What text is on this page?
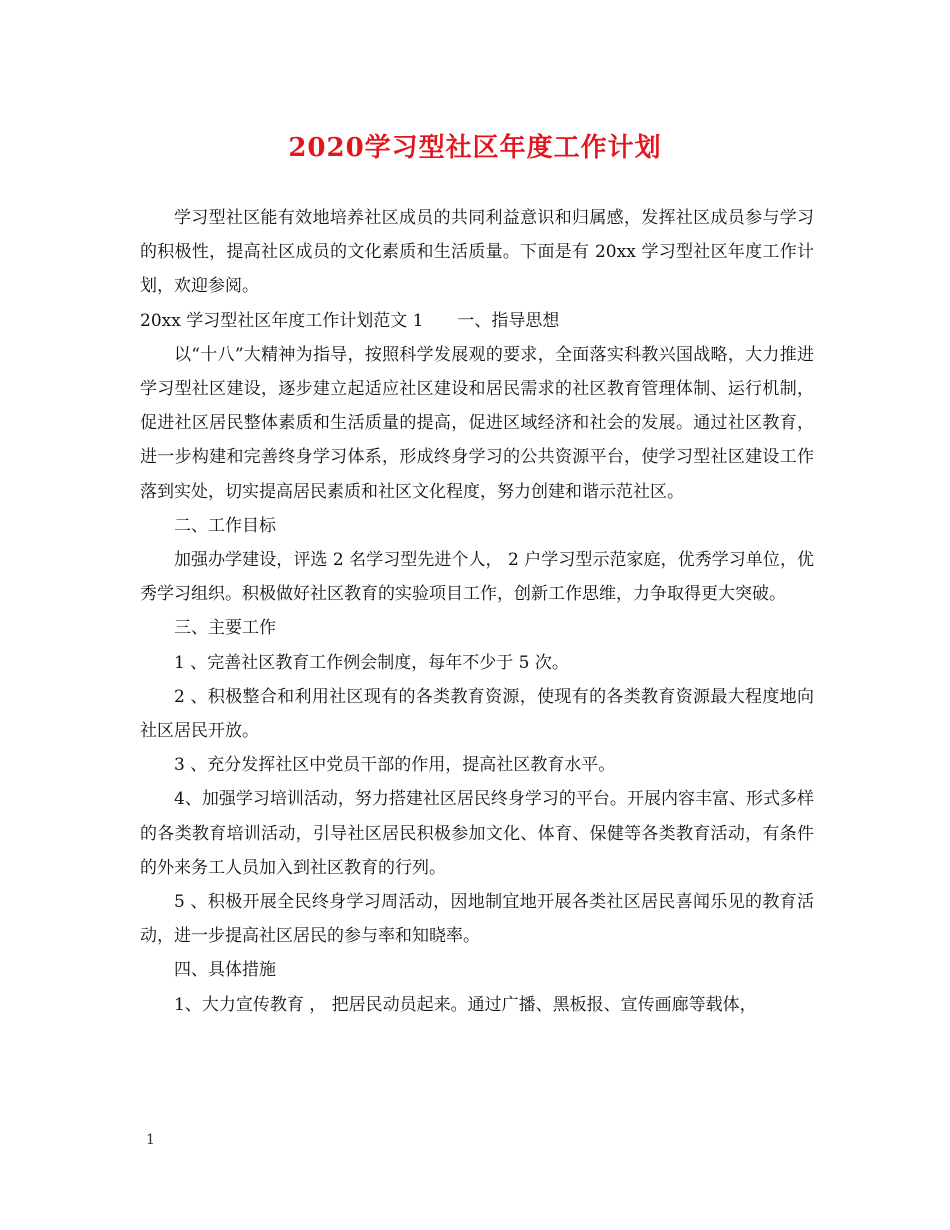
2020学习型社区年度工作计划

学习型社区能有效地培养社区成员的共同利益意识和归属感，发挥社区成员参与学习的积极性，提高社区成员的文化素质和生活质量。下面是有 20xx 学习型社区年度工作计划，欢迎参阅。

20xx 学习型社区年度工作计划范文 1　　一、指导思想

以“十八”大精神为指导，按照科学发展观的要求，全面落实科教兴国战略，大力推进学习型社区建设，逐步建立起适应社区建设和居民需求的社区教育管理体制、运行机制，促进社区居民整体素质和生活质量的提高，促进区域经济和社会的发展。通过社区教育，进一步构建和完善终身学习体系，形成终身学习的公共资源平台，使学习型社区建设工作落到实处，切实提高居民素质和社区文化程度，努力创建和谐示范社区。

二、工作目标

加强办学建设，评选 2 名学习型先进个人， 2 户学习型示范家庭，优秀学习单位，优秀学习组织。积极做好社区教育的实验项目工作，创新工作思维，力争取得更大突破。

三、主要工作

1 、完善社区教育工作例会制度，每年不少于 5 次。

2 、积极整合和利用社区现有的各类教育资源，使现有的各类教育资源最大程度地向社区居民开放。

3 、充分发挥社区中党员干部的作用，提高社区教育水平。

4、加强学习培训活动，努力搭建社区居民终身学习的平台。开展内容丰富、形式多样的各类教育培训活动，引导社区居民积极参加文化、体育、保健等各类教育活动，有条件的外来务工人员加入到社区教育的行列。

5 、积极开展全民终身学习周活动，因地制宜地开展各类社区居民喜闻乐见的教育活动，进一步提高社区居民的参与率和知晓率。

四、具体措施

1、大力宣传教育 ， 把居民动员起来。通过广播、黑板报、宣传画廊等载体，

1
